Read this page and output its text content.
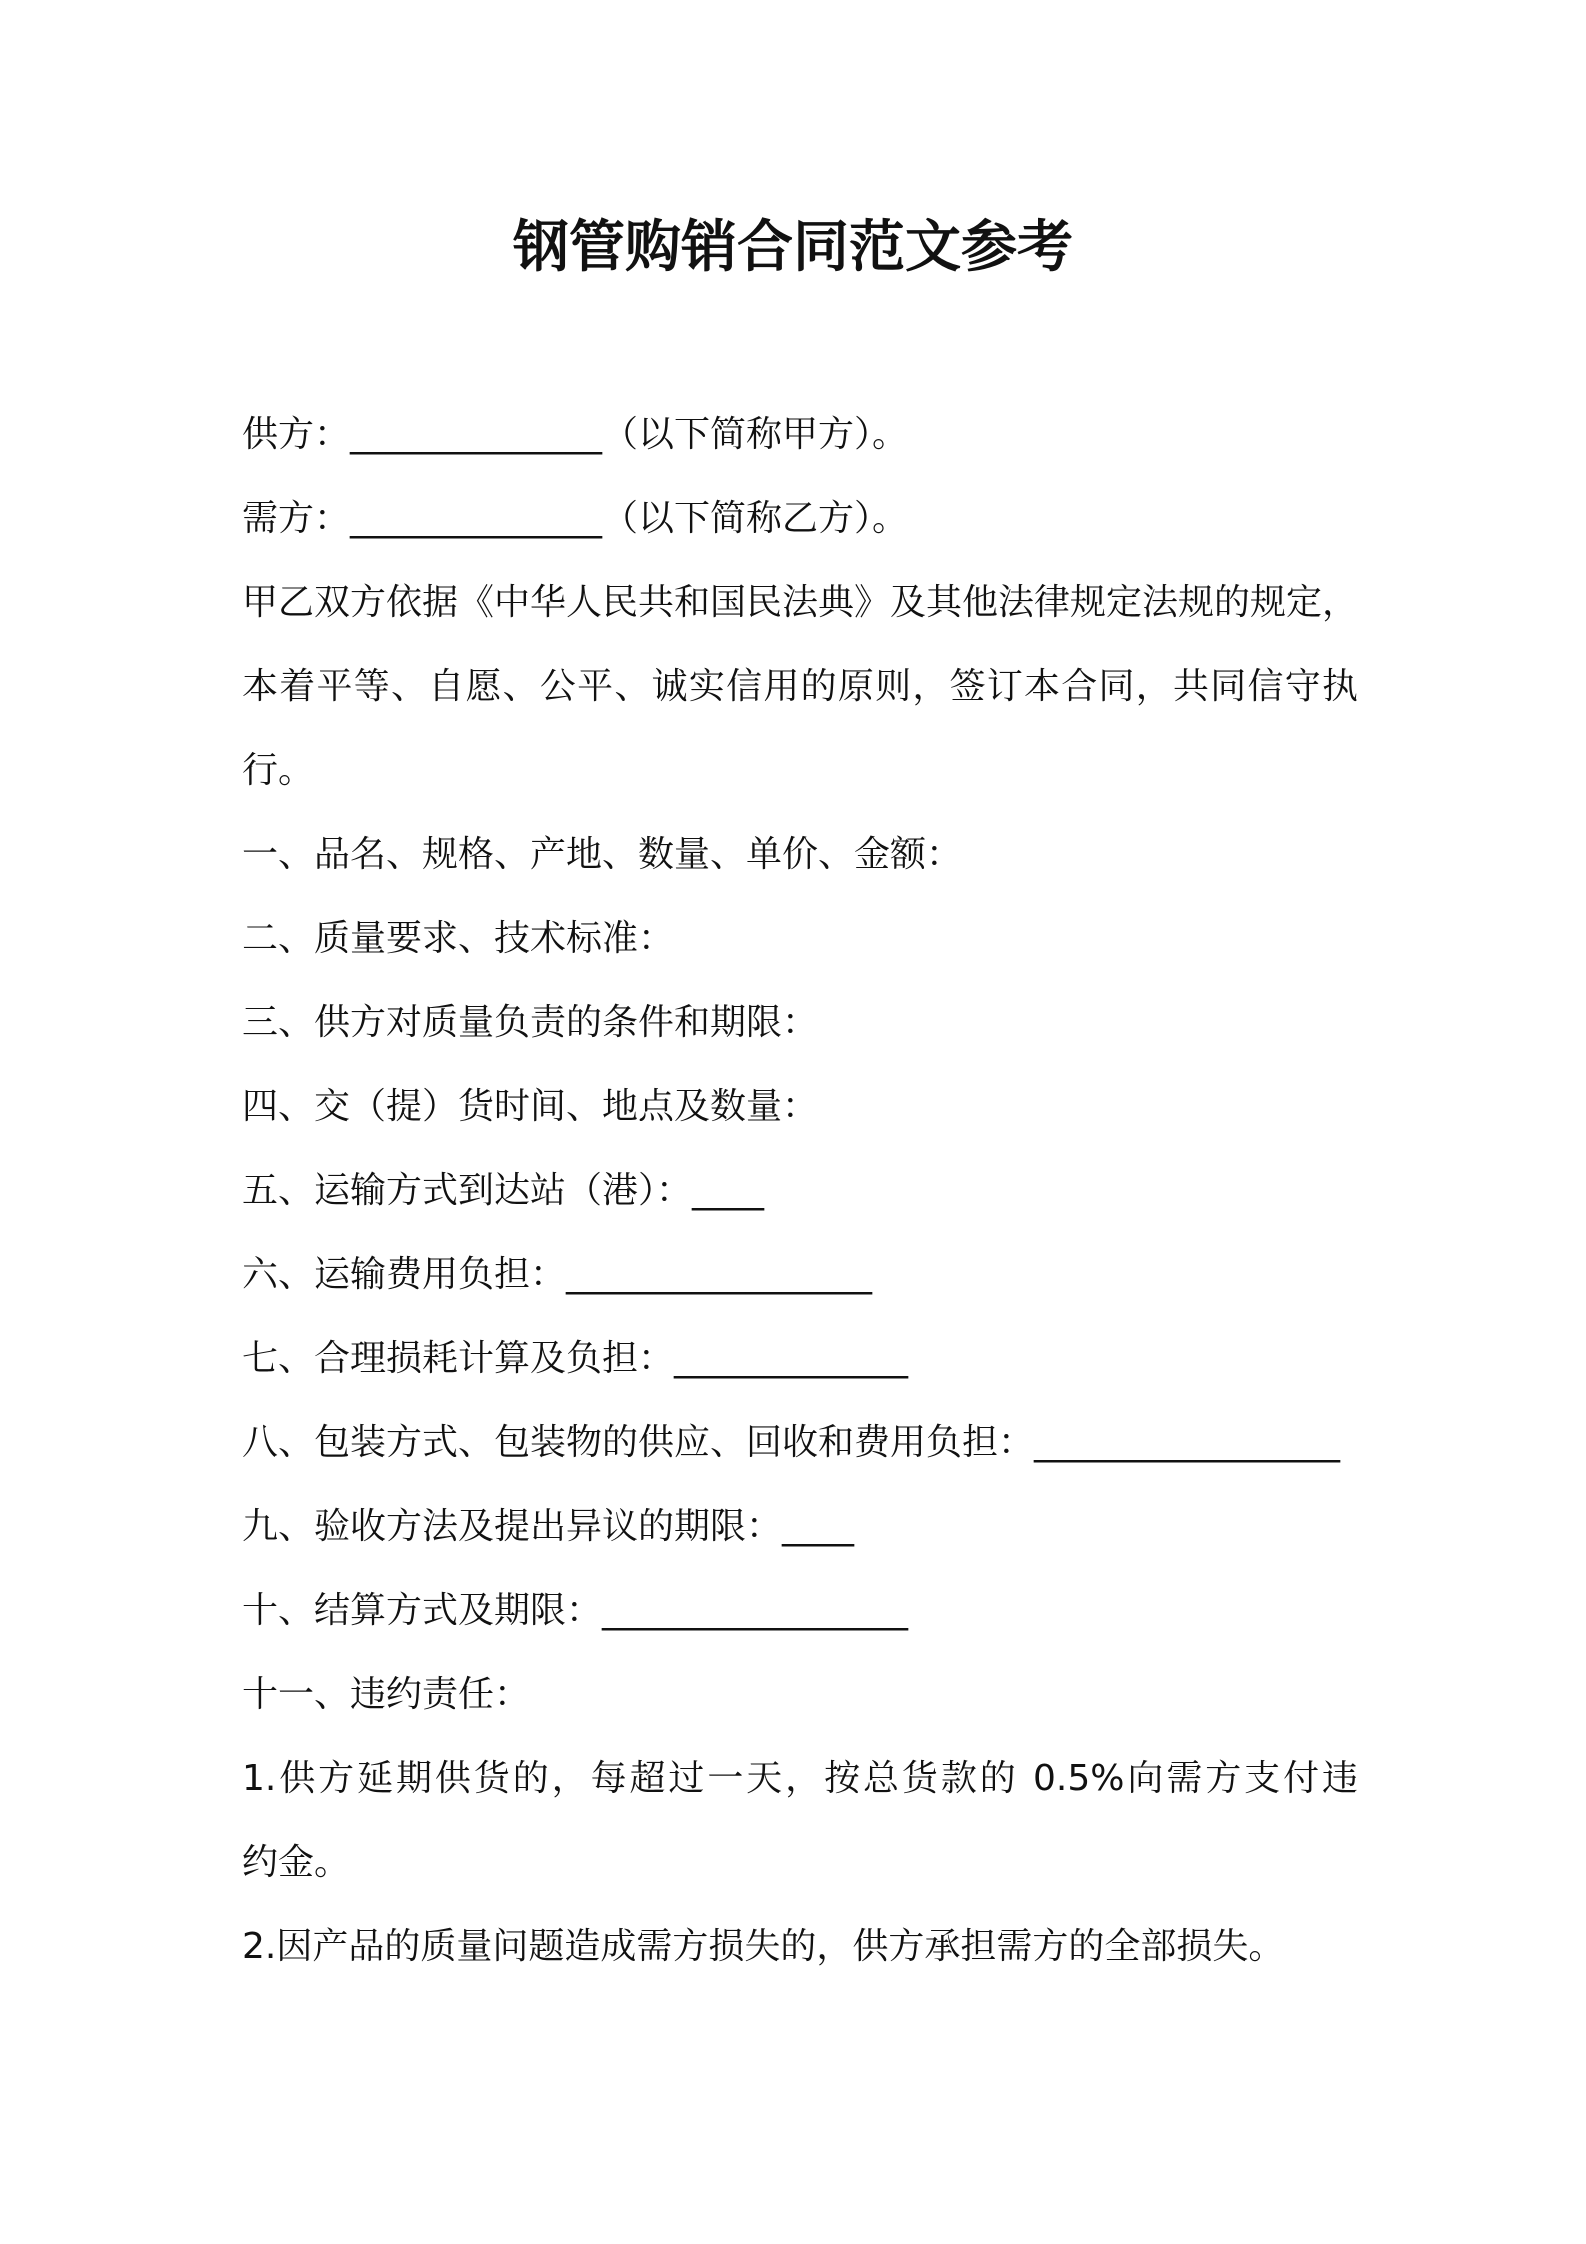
钢管购销合同范文参考
供方：______________（以下简称甲方）。
需方：______________（以下简称乙方）。
甲乙双方依据《中华人民共和国民法典》及其他法律规定法规的规定，
本着平等、自愿、公平、诚实信用的原则，签订本合同，共同信守执
行。
一、品名、规格、产地、数量、单价、金额：
二、质量要求、技术标准：
三、供方对质量负责的条件和期限：
四、交（提）货时间、地点及数量：
五、运输方式到达站（港）：____
六、运输费用负担：_________________
七、合理损耗计算及负担：_____________
八、包装方式、包装物的供应、回收和费用负担：_________________
九、验收方法及提出异议的期限：____
十、结算方式及期限：_________________
十一、违约责任：
1.供方延期供货的，每超过一天，按总货款的 0.5%向需方支付违
约金。
2.因产品的质量问题造成需方损失的，供方承担需方的全部损失。
